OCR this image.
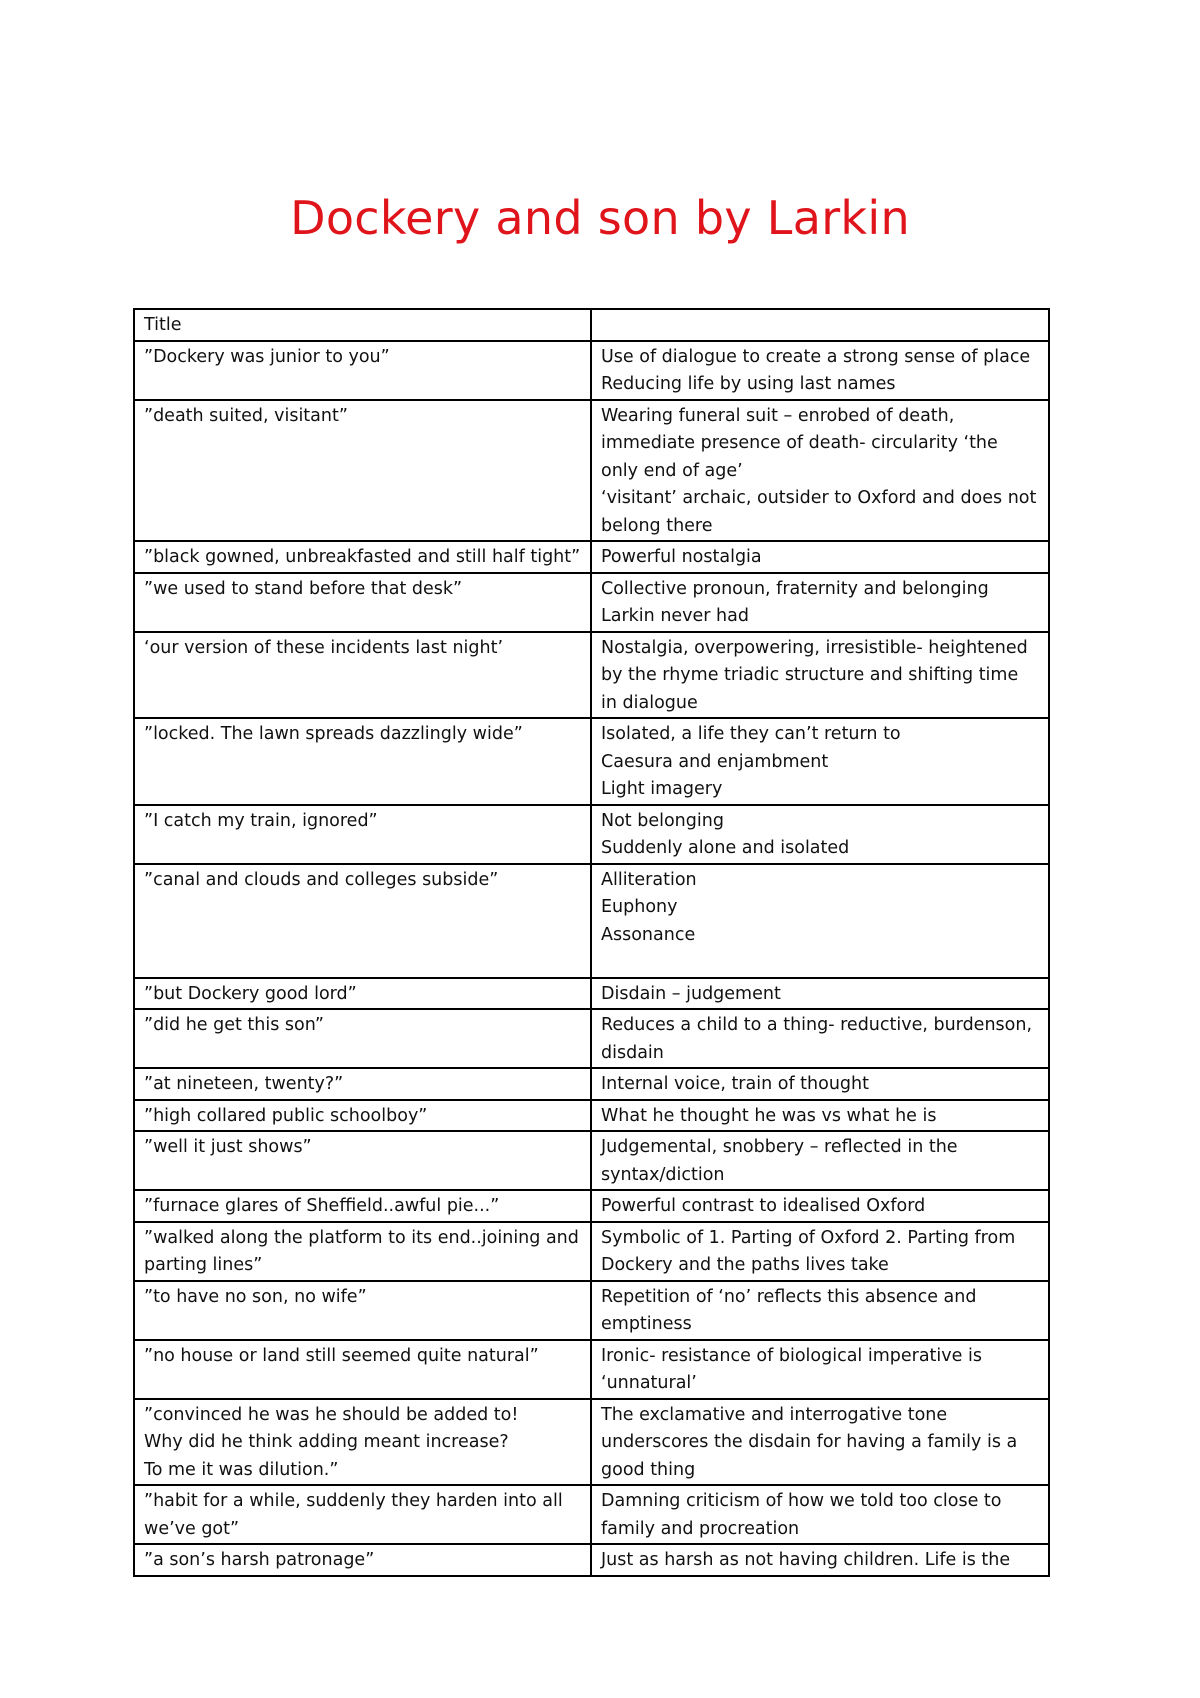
Dockery and son by Larkin
Title	
”Dockery was junior to you”	Use of dialogue to create a strong sense of place
Reducing life by using last names
”death suited, visitant”	Wearing funeral suit – enrobed of death, immediate presence of death- circularity ‘the only end of age’
‘visitant’ archaic, outsider to Oxford and does not belong there
”black gowned, unbreakfasted and still half tight”	Powerful nostalgia
”we used to stand before that desk”	Collective pronoun, fraternity and belonging Larkin never had
‘our version of these incidents last night’	Nostalgia, overpowering, irresistible- heightened by the rhyme triadic structure and shifting time in dialogue
”locked. The lawn spreads dazzlingly wide”	Isolated, a life they can’t return to
Caesura and enjambment
Light imagery
”I catch my train, ignored”	Not belonging
Suddenly alone and isolated
”canal and clouds and colleges subside”	Alliteration
Euphony
Assonance

”but Dockery good lord”	Disdain – judgement
”did he get this son”	Reduces a child to a thing- reductive, burdenson, disdain
”at nineteen, twenty?”	Internal voice, train of thought
”high collared public schoolboy”	What he thought he was vs what he is
”well it just shows”	Judgemental, snobbery – reflected in the syntax/diction
”furnace glares of Sheffield..awful pie...”	Powerful contrast to idealised Oxford
”walked along the platform to its end..joining and parting lines”	Symbolic of 1. Parting of Oxford 2. Parting from Dockery and the paths lives take
”to have no son, no wife”	Repetition of ‘no’ reflects this absence and emptiness
”no house or land still seemed quite natural”	Ironic- resistance of biological imperative is ‘unnatural’
”convinced he was he should be added to!
Why did he think adding meant increase?
To me it was dilution.”	The exclamative and interrogative tone underscores the disdain for having a family is a good thing
”habit for a while, suddenly they harden into all we’ve got”	Damning criticism of how we told too close to family and procreation
”a son’s harsh patronage”	Just as harsh as not having children. Life is the
